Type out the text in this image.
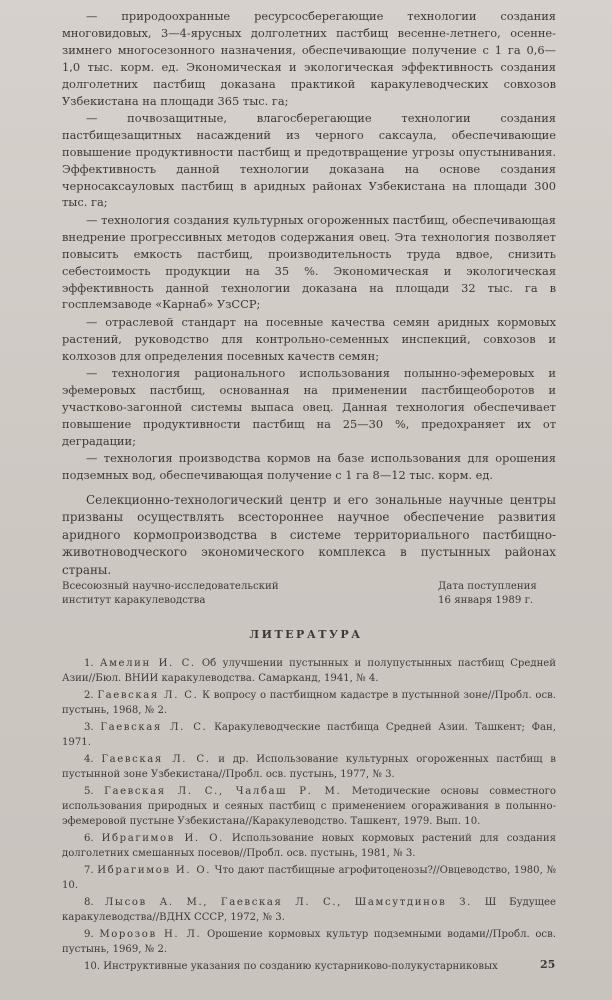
— природоохранные ресурсосберегающие технологии создания многовидовых, 3—4-ярусных долголетних пастбищ весенне-летнего, осенне-зимнего многосезонного назначения, обеспечивающие получение с 1 га 0,6—1,0 тыс. корм. ед. Экономическая и экологическая эффективность создания долголетних пастбищ доказана практикой каракулеводческих совхозов Узбекистана на площади 365 тыс. га;

— почвозащитные, влагосберегающие технологии создания пастбищезащитных насаждений из черного саксаула, обеспечивающие повышение продуктивности пастбищ и предотвращение угрозы опустынивания. Эффективность данной технологии доказана на основе создания черносаксауловых пастбищ в аридных районах Узбекистана на площади 300 тыс. га;

— технология создания культурных огороженных пастбищ, обеспечивающая внедрение прогрессивных методов содержания овец. Эта технология позволяет повысить емкость пастбищ, производительность труда вдвое, снизить себестоимость продукции на 35 %. Экономическая и экологическая эффективность данной технологии доказана на площади 32 тыс. га в госплемзаводе «Карнаб» УзССР;

— отраслевой стандарт на посевные качества семян аридных кормовых растений, руководство для контрольно-семенных инспекций, совхозов и колхозов для определения посевных качеств семян;

— технология рационального использования полынно-эфемеровых и эфемеровых пастбищ, основанная на применении пастбищеоборотов и участково-загонной системы выпаса овец. Данная технология обеспечивает повышение продуктивности пастбищ на 25—30 %, предохраняет их от деградации;

— технология производства кормов на базе использования для орошения подземных вод, обеспечивающая получение с 1 га 8—12 тыс. корм. ед.

Селекционно-технологический центр и его зональные научные центры призваны осуществлять всестороннее научное обеспечение развития аридного кормопроизводства в системе территориального пастбищно-животноводческого экономического комплекса в пустынных районах страны.

Всесоюзный научно-исследовательский
институт каракулеводства
Дата поступления
16 января 1989 г.
ЛИТЕРАТУРА
1. Амелин И. С. Об улучшении пустынных и полупустынных пастбищ Средней Азии//Бюл. ВНИИ каракулеводства. Самарканд, 1941, № 4.
2. Гаевская Л. С. К вопросу о пастбищном кадастре в пустынной зоне//Пробл. осв. пустынь, 1968, № 2.
3. Гаевская Л. С. Каракулеводческие пастбища Средней Азии. Ташкент; Фан, 1971.
4. Гаевская Л. С. и др. Использование культурных огороженных пастбищ в пустынной зоне Узбекистана//Пробл. осв. пустынь, 1977, № 3.
5. Гаевская Л. С., Чалбаш Р. М. Методические основы совместного использования природных и сеяных пастбищ с применением огораживания в полынно-эфемеровой пустыне Узбекистана//Каракулеводство. Ташкент, 1979. Вып. 10.
6. Ибрагимов И. О. Использование новых кормовых растений для создания долголетних смешанных посевов//Пробл. осв. пустынь, 1981, № 3.
7. Ибрагимов И. О. Что дают пастбищные агрофитоценозы?//Овцеводство, 1980, № 10.
8. Лысов А. М., Гаевская Л. С., Шамсутдинов З. Ш Будущее каракулеводства//ВДНХ СССР, 1972, № 3.
9. Морозов Н. Л. Орошение кормовых культур подземными водами//Пробл. осв. пустынь, 1969, № 2.
10. Инструктивные указания по созданию кустарниково-полукустарниковых	25
